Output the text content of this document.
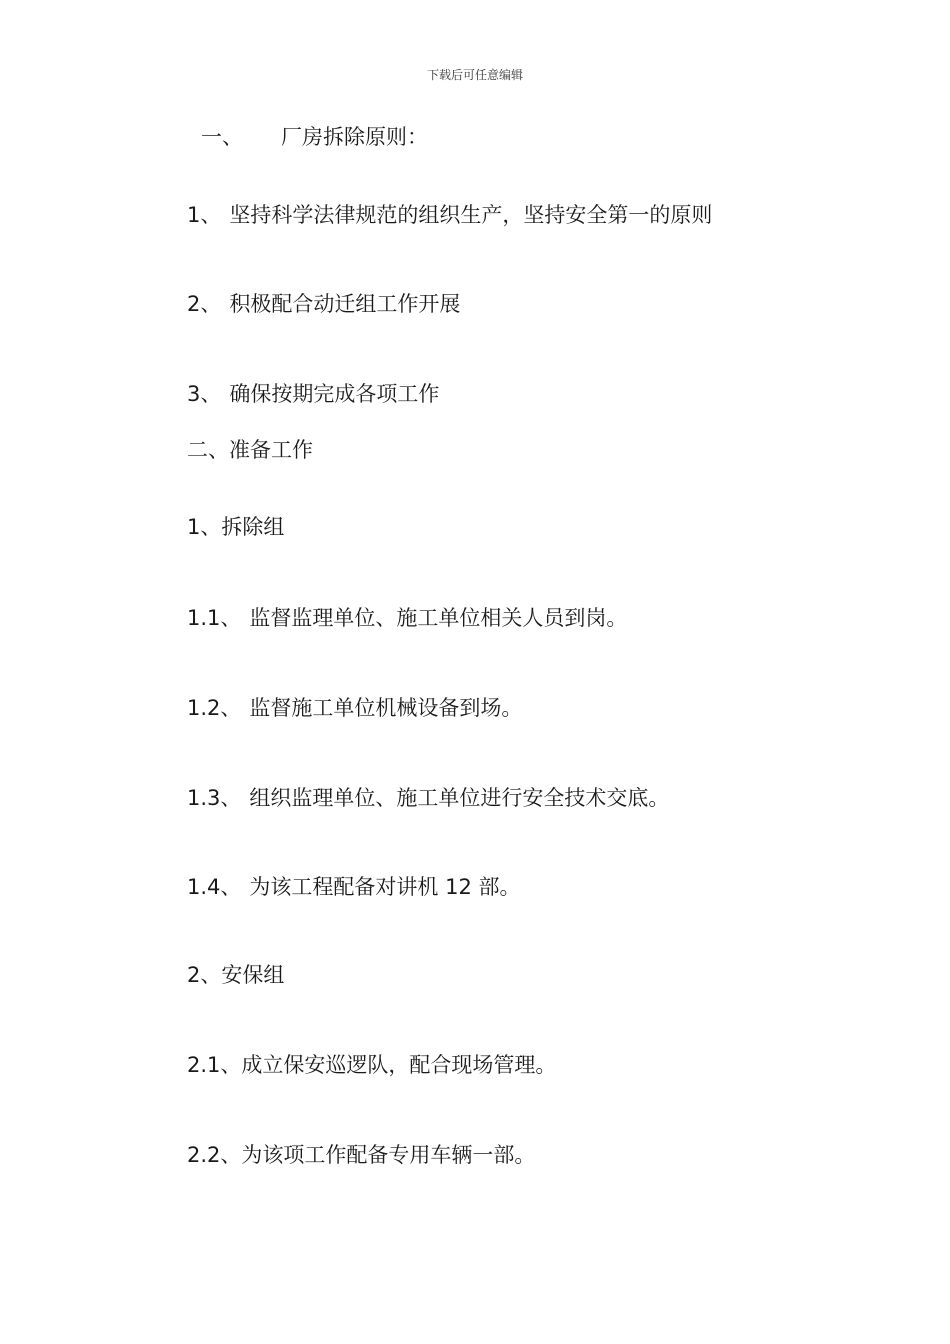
下载后可任意编辑
一、 厂房拆除原则：
1、 坚持科学法律规范的组织生产，坚持安全第一的原则
2、 积极配合动迁组工作开展
3、 确保按期完成各项工作
二、准备工作
1、拆除组
1.1、 监督监理单位、施工单位相关人员到岗。
1.2、 监督施工单位机械设备到场。
1.3、 组织监理单位、施工单位进行安全技术交底。
1.4、 为该工程配备对讲机 12 部。
2、安保组
2.1、成立保安巡逻队，配合现场管理。
2.2、为该项工作配备专用车辆一部。
